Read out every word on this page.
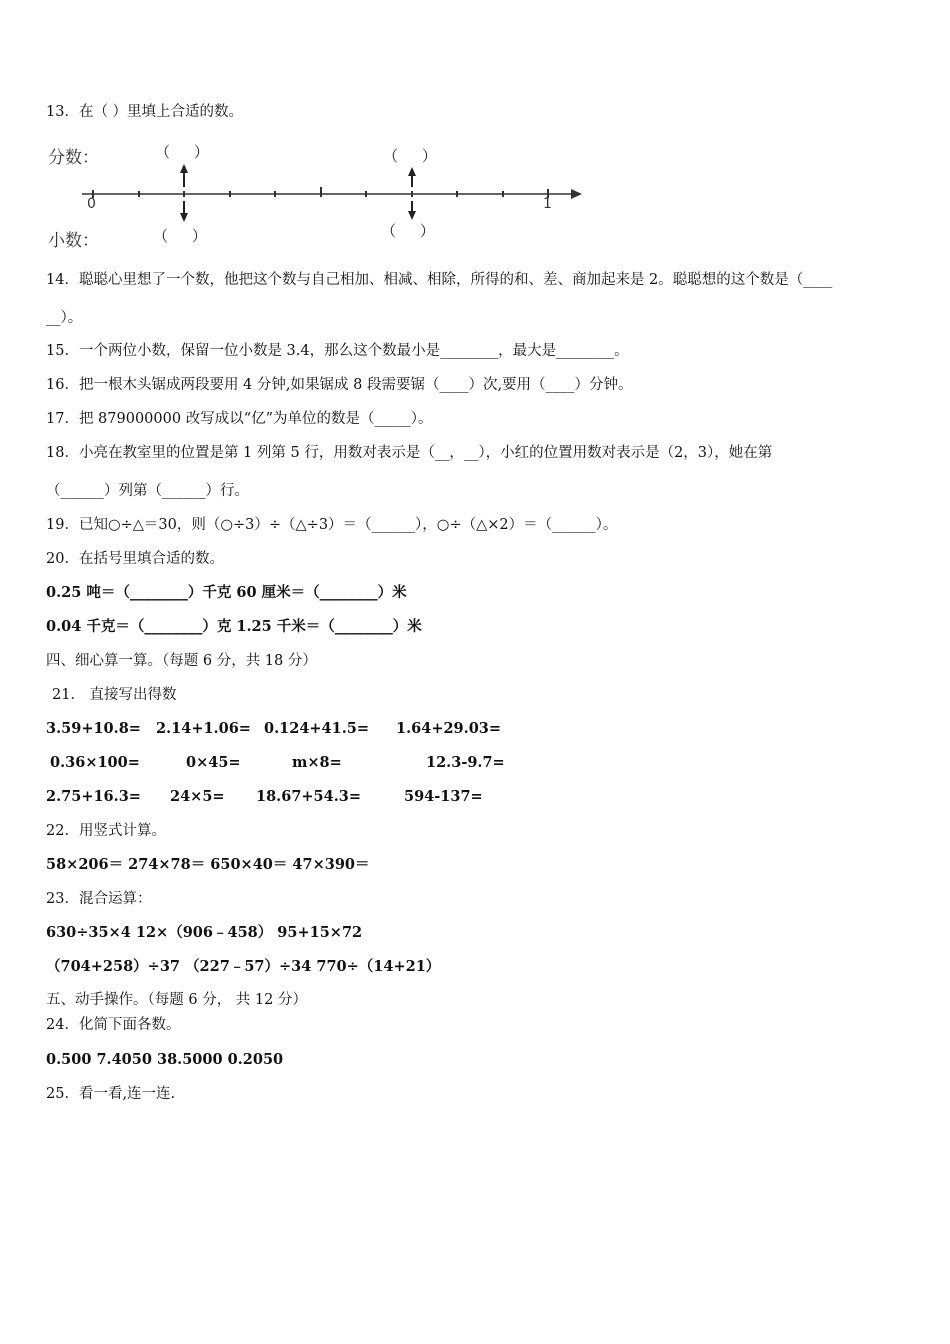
13．在（ ）里填上合适的数。
分数：
小数：
（     ）	（     ）
（     ）	（     ）
0	1
14．聪聪心里想了一个数，他把这个数与自己相加、相减、相除，所得的和、差、商加起来是 2。聪聪想的这个数是（____
__）。
15．一个两位小数，保留一位小数是 3.4，那么这个数最小是________，最大是________。
16．把一根木头锯成两段要用 4 分钟,如果锯成 8 段需要锯（____）次,要用（____）分钟。
17．把 879000000 改写成以“亿”为单位的数是（_____）。
18．小亮在教室里的位置是第 1 列第 5 行，用数对表示是（__，__），小红的位置用数对表示是（2，3），她在第
（______）列第（______）行。
19．已知○÷△＝30，则（○÷3）÷（△÷3）＝（______），○÷（△×2）＝（______）。
20．在括号里填合适的数。
0.25 吨＝（________）千克 60 厘米＝（________）米
0.04 千克＝（________）克 1.25 千米＝（________）米
四、细心算一算。（每题 6 分，共 18 分）
21． 直接写出得数
3.59+10.8= 2.14+1.06= 0.124+41.5= 1.64+29.03=
0.36×100=	0×45=	m×8=	12.3-9.7=
2.75+16.3= 24×5= 18.67+54.3=	594-137=
22．用竖式计算。
58×206＝ 274×78＝ 650×40＝ 47×390＝
23．混合运算：
630÷35×4 12×（906﹣458） 95+15×72
（704+258）÷37 （227﹣57）÷34 770÷（14+21）
五、动手操作。（每题 6 分， 共 12 分）
24．化简下面各数。
0.500 7.4050 38.5000 0.2050
25．看一看,连一连.
